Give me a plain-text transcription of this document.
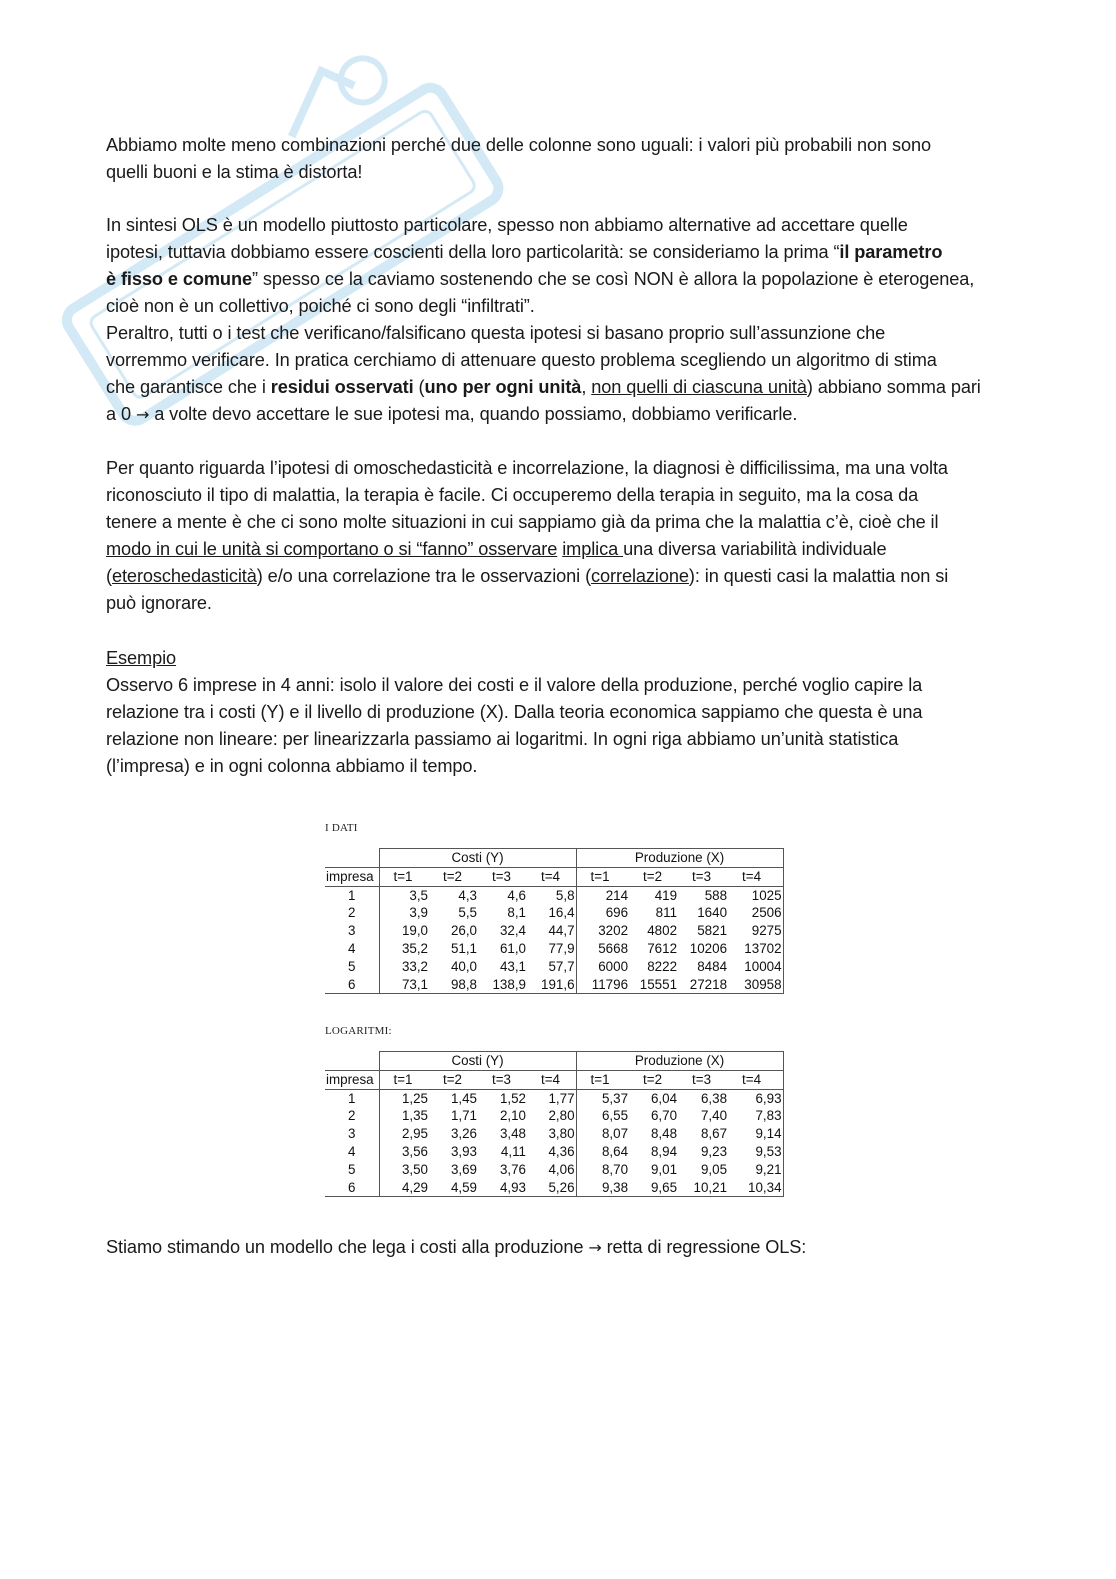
Abbiamo molte meno combinazioni perché due delle colonne sono uguali: i valori più probabili non sono

quelli buoni e la stima è distorta!

In sintesi OLS è un modello piuttosto particolare, spesso non abbiamo alternative ad accettare quelle

ipotesi, tuttavia dobbiamo essere coscienti della loro particolarità: se consideriamo la prima “il parametro

è fisso e comune” spesso ce la caviamo sostenendo che se così NON è allora la popolazione è eterogenea,

cioè non è un collettivo, poiché ci sono degli “infiltrati”.

Peraltro, tutti o i test che verificano/falsificano questa ipotesi si basano proprio sull’assunzione che

vorremmo verificare. In pratica cerchiamo di attenuare questo problema scegliendo un algoritmo di stima

che garantisce che i residui osservati (uno per ogni unità, non quelli di ciascuna unità) abbiano somma pari

a 0 → a volte devo accettare le sue ipotesi ma, quando possiamo, dobbiamo verificarle.

Per quanto riguarda l’ipotesi di omoschedasticità e incorrelazione, la diagnosi è difficilissima, ma una volta

riconosciuto il tipo di malattia, la terapia è facile. Ci occuperemo della terapia in seguito, ma la cosa da

tenere a mente è che ci sono molte situazioni in cui sappiamo già da prima che la malattia c’è, cioè che il

modo in cui le unità si comportano o si “fanno” osservare implica una diversa variabilità individuale

(eteroschedasticità) e/o una correlazione tra le osservazioni (correlazione): in questi casi la malattia non si

può ignorare.

Esempio

Osservo 6 imprese in 4 anni: isolo il valore dei costi e il valore della produzione, perché voglio capire la

relazione tra i costi (Y) e il livello di produzione (X). Dalla teoria economica sappiamo che questa è una

relazione non lineare: per linearizzarla passiamo ai logaritmi. In ogni riga abbiamo un’unità statistica

(l’impresa) e in ogni colonna abbiamo il tempo.

I DATI
	Costi (Y)				Produzione (X)			
impresa	t=1	t=2	t=3	t=4	t=1	t=2	t=3	t=4
1	3,5	4,3	4,6	5,8	214	419	588	1025
2	3,9	5,5	8,1	16,4	696	811	1640	2506
3	19,0	26,0	32,4	44,7	3202	4802	5821	9275
4	35,2	51,1	61,0	77,9	5668	7612	10206	13702
5	33,2	40,0	43,1	57,7	6000	8222	8484	10004
6	73,1	98,8	138,9	191,6	11796	15551	27218	30958
LOGARITMI:
	Costi (Y)				Produzione (X)			
impresa	t=1	t=2	t=3	t=4	t=1	t=2	t=3	t=4
1	1,25	1,45	1,52	1,77	5,37	6,04	6,38	6,93
2	1,35	1,71	2,10	2,80	6,55	6,70	7,40	7,83
3	2,95	3,26	3,48	3,80	8,07	8,48	8,67	9,14
4	3,56	3,93	4,11	4,36	8,64	8,94	9,23	9,53
5	3,50	3,69	3,76	4,06	8,70	9,01	9,05	9,21
6	4,29	4,59	4,93	5,26	9,38	9,65	10,21	10,34

Stiamo stimando un modello che lega i costi alla produzione → retta di regressione OLS:
